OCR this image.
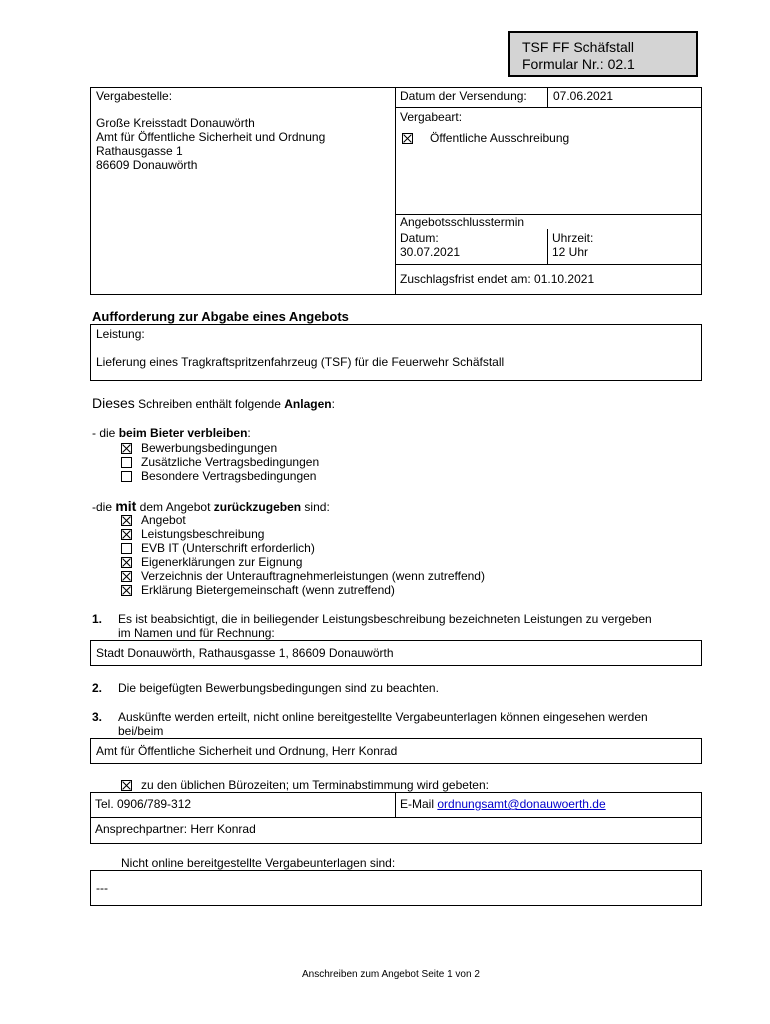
TSF FF Schäfstall
Formular Nr.: 02.1
Vergabestelle:
Große Kreisstadt Donauwörth
Amt für Öffentliche Sicherheit und Ordnung
Rathausgasse 1
86609 Donauwörth
Datum der Versendung: 07.06.2021
Vergabeart:
Öffentliche Ausschreibung
Angebotsschlusstermin
Datum:
30.07.2021
Uhrzeit:
12 Uhr
Zuschlagsfrist endet am: 01.10.2021
Aufforderung zur Abgabe eines Angebots
Leistung:
Lieferung eines Tragkraftspritzenfahrzeug (TSF) für die Feuerwehr Schäfstall
Dieses Schreiben enthält folgende Anlagen:
- die beim Bieter verbleiben:
Bewerbungsbedingungen
Zusätzliche Vertragsbedingungen
Besondere Vertragsbedingungen
-die mit dem Angebot zurückzugeben sind:
Angebot
Leistungsbeschreibung
EVB IT (Unterschrift erforderlich)
Eigenerklärungen zur Eignung
Verzeichnis der Unterauftragnehmerleistungen (wenn zutreffend)
Erklärung Bietergemeinschaft (wenn zutreffend)
1. Es ist beabsichtigt, die in beiliegender Leistungsbeschreibung bezeichneten Leistungen zu vergeben
im Namen und für Rechnung:
Stadt Donauwörth, Rathausgasse 1, 86609 Donauwörth
2. Die beigefügten Bewerbungsbedingungen sind zu beachten.
3. Auskünfte werden erteilt, nicht online bereitgestellte Vergabeunterlagen können eingesehen werden
bei/beim
Amt für Öffentliche Sicherheit und Ordnung, Herr Konrad
zu den üblichen Bürozeiten; um Terminabstimmung wird gebeten:
Tel. 0906/789-312	E-Mail ordnungsamt@donauwoerth.de
Ansprechpartner: Herr Konrad
Nicht online bereitgestellte Vergabeunterlagen sind:
---
Anschreiben zum Angebot Seite 1 von 2
